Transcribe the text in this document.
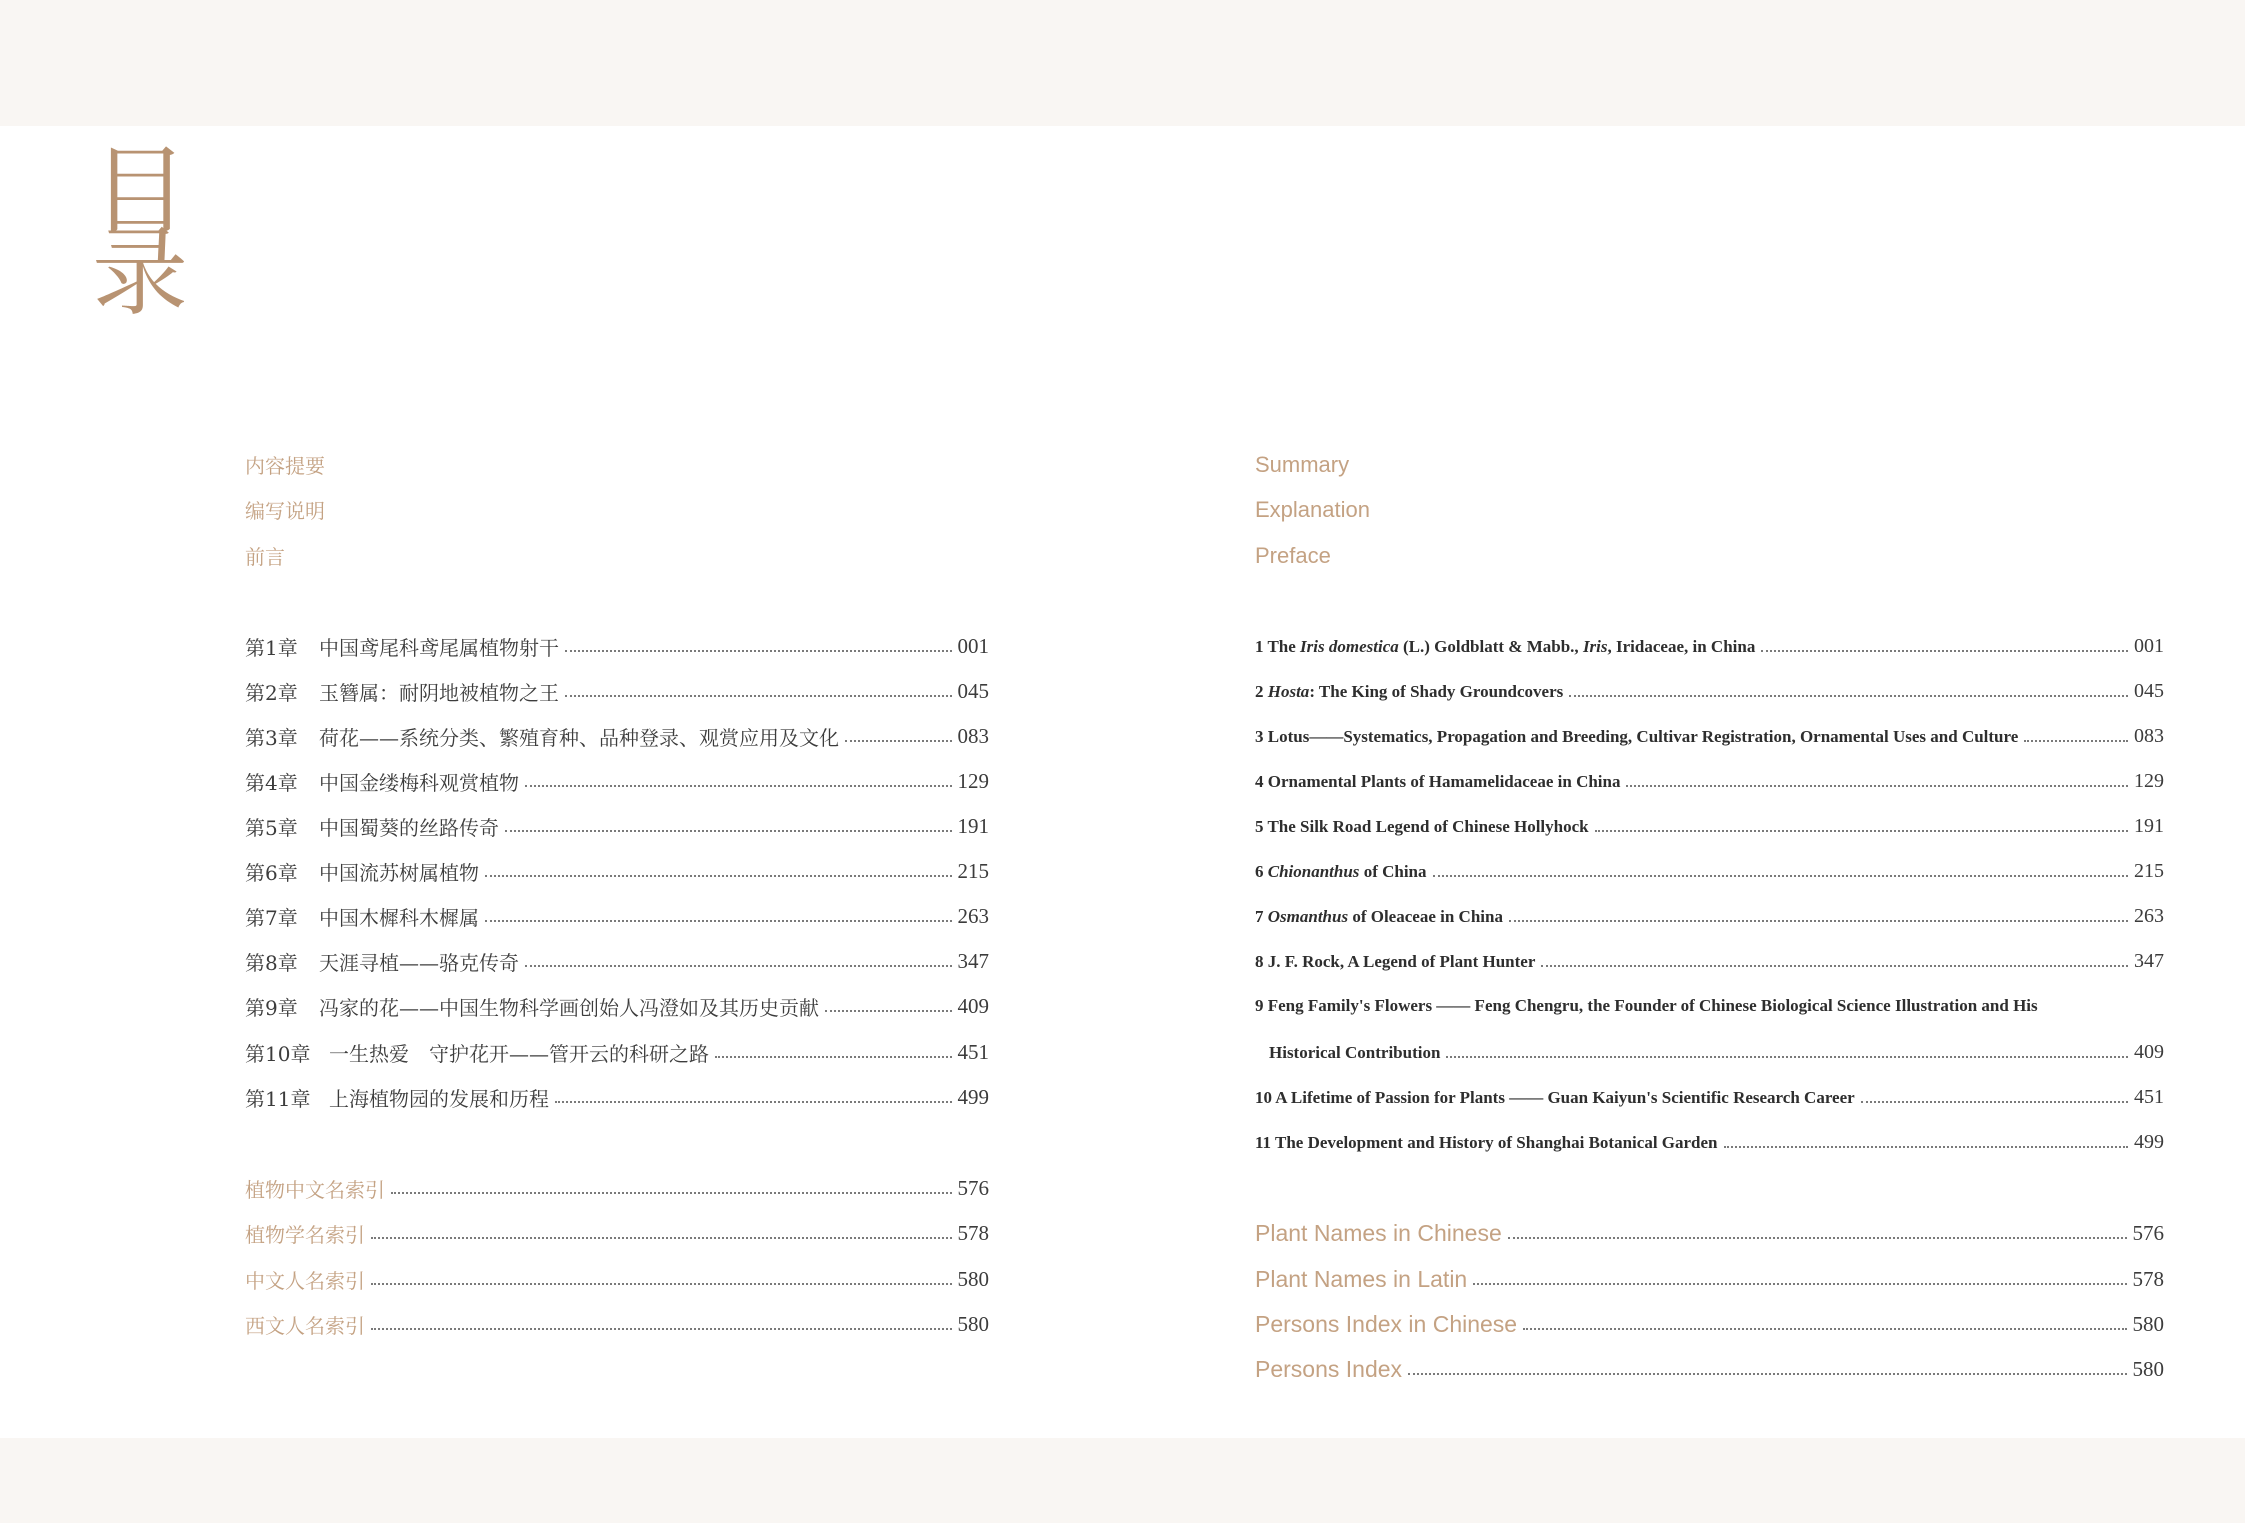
目
录
内容提要
编写说明
前言
第1章 中国鸢尾科鸢尾属植物射干	001
第2章 玉簪属：耐阴地被植物之王	045
第3章 荷花——系统分类、繁殖育种、品种登录、观赏应用及文化	083
第4章 中国金缕梅科观赏植物	129
第5章 中国蜀葵的丝路传奇	191
第6章 中国流苏树属植物	215
第7章 中国木樨科木樨属	263
第8章 天涯寻植——骆克传奇	347
第9章 冯家的花——中国生物科学画创始人冯澄如及其历史贡献	409
第10章 一生热爱　守护花开——管开云的科研之路	451
第11章 上海植物园的发展和历程	499
植物中文名索引	576
植物学名索引	578
中文人名索引	580
西文人名索引	580
Summary
Explanation
Preface
1 The Iris domestica (L.) Goldblatt & Mabb., Iris, Iridaceae, in China	001
2 Hosta: The King of Shady Groundcovers	045
3 Lotus——Systematics, Propagation and Breeding, Cultivar Registration, Ornamental Uses and Culture	083
4 Ornamental Plants of Hamamelidaceae in China	129
5 The Silk Road Legend of Chinese Hollyhock	191
6 Chionanthus of China	215
7 Osmanthus of Oleaceae in China	263
8 J. F. Rock, A Legend of Plant Hunter	347
9 Feng Family's Flowers —— Feng Chengru, the Founder of Chinese Biological Science Illustration and His
Historical Contribution	409
10 A Lifetime of Passion for Plants —— Guan Kaiyun's Scientific Research Career	451
11 The Development and History of Shanghai Botanical Garden	499
Plant Names in Chinese	576
Plant Names in Latin	578
Persons Index in Chinese	580
Persons Index	580
